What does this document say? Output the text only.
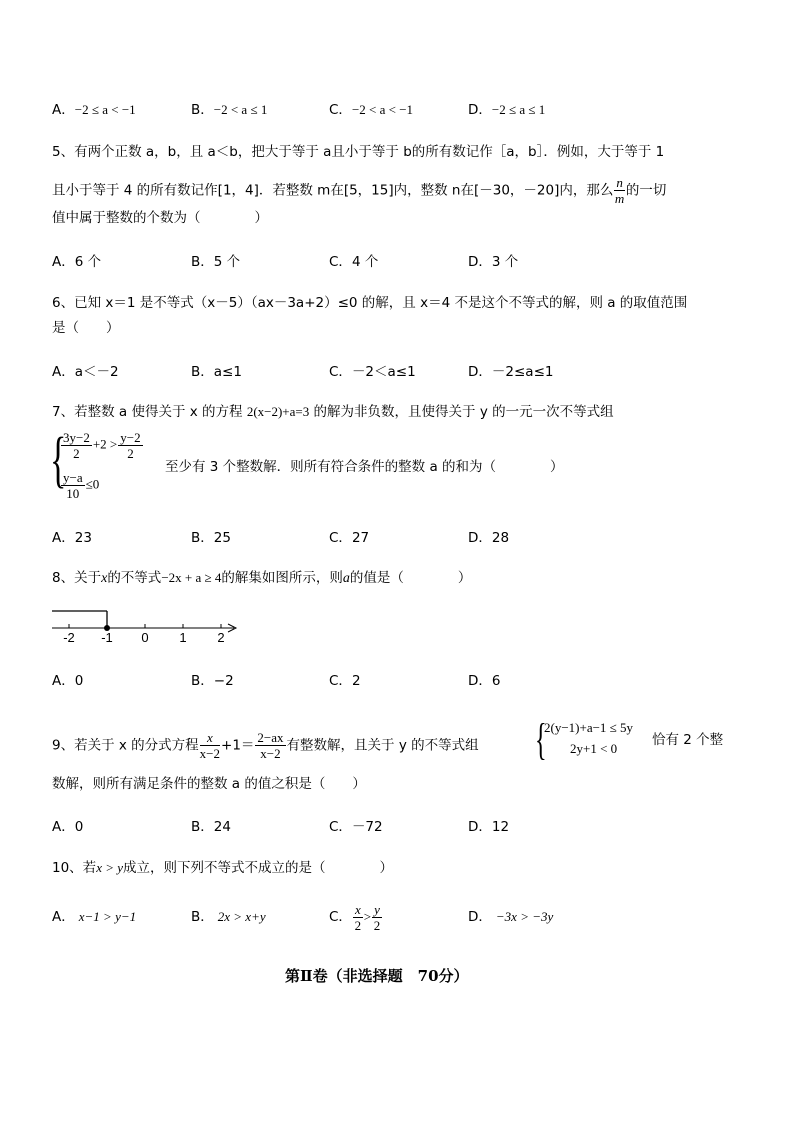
A．−2 ≤ a < −1	B．−2 < a ≤ 1	C．−2 < a < −1	D．−2 ≤ a ≤ 1
5、有两个正数 a，b，且 a＜b，把大于等于 a且小于等于 b的所有数记作［a，b］．例如，大于等于 1
且小于等于 4 的所有数记作[1，4]．若整数 m在[5，15]内，整数 n在[－30，－20]内，那么 $\frac{n}{m}$ 的一切
值中属于整数的个数为（　　　　）
A．6 个	B．5 个	C．4 个	D．3 个
6、已知 x＝1 是不等式（x－5）（ax－3a+2）≤0 的解，且 x＝4 不是这个不等式的解，则 a 的取值范围
是（　　）
A．a＜－2	B．a≤1	C．－2＜a≤1	D．－2≤a≤1
7、若整数 a 使得关于 x 的方程 2(x−2)+a=3 的解为非负数，且使得关于 y 的一元一次不等式组
{
$\frac{3y-2}{2} +2 > \frac{y-2}{2}$
$\frac{y-a}{10} \le 0$
至少有 3 个整数解．则所有符合条件的整数 a 的和为（　　　　）
A．23	B．25	C．27	D．28
8、关于x的不等式−2x + a ≥ 4的解集如图所示，则a的值是（　　　　）
-2	-1	0	1	2
A．0	B．−2	C．2	D．6
9、若关于 x 的分式方程 $\frac{x}{x-2} +1= \frac{2-ax}{x-2}$ 有整数解，且关于 y 的不等式组 {
2(y−1)+a−1 ≤ 5y
2y+1 < 0
恰有 2 个整
数解，则所有满足条件的整数 a 的值之积是（　　）
A．0	B．24	C．－72	D．12
10、若x > y成立，则下列不等式不成立的是（　　　　）
A． x−1 > y−1	B． 2x > x+y	C． $\frac{x}{2} > \frac{y}{2}$	D． −3x > −3y
第Ⅱ卷（非选择题　70分）
